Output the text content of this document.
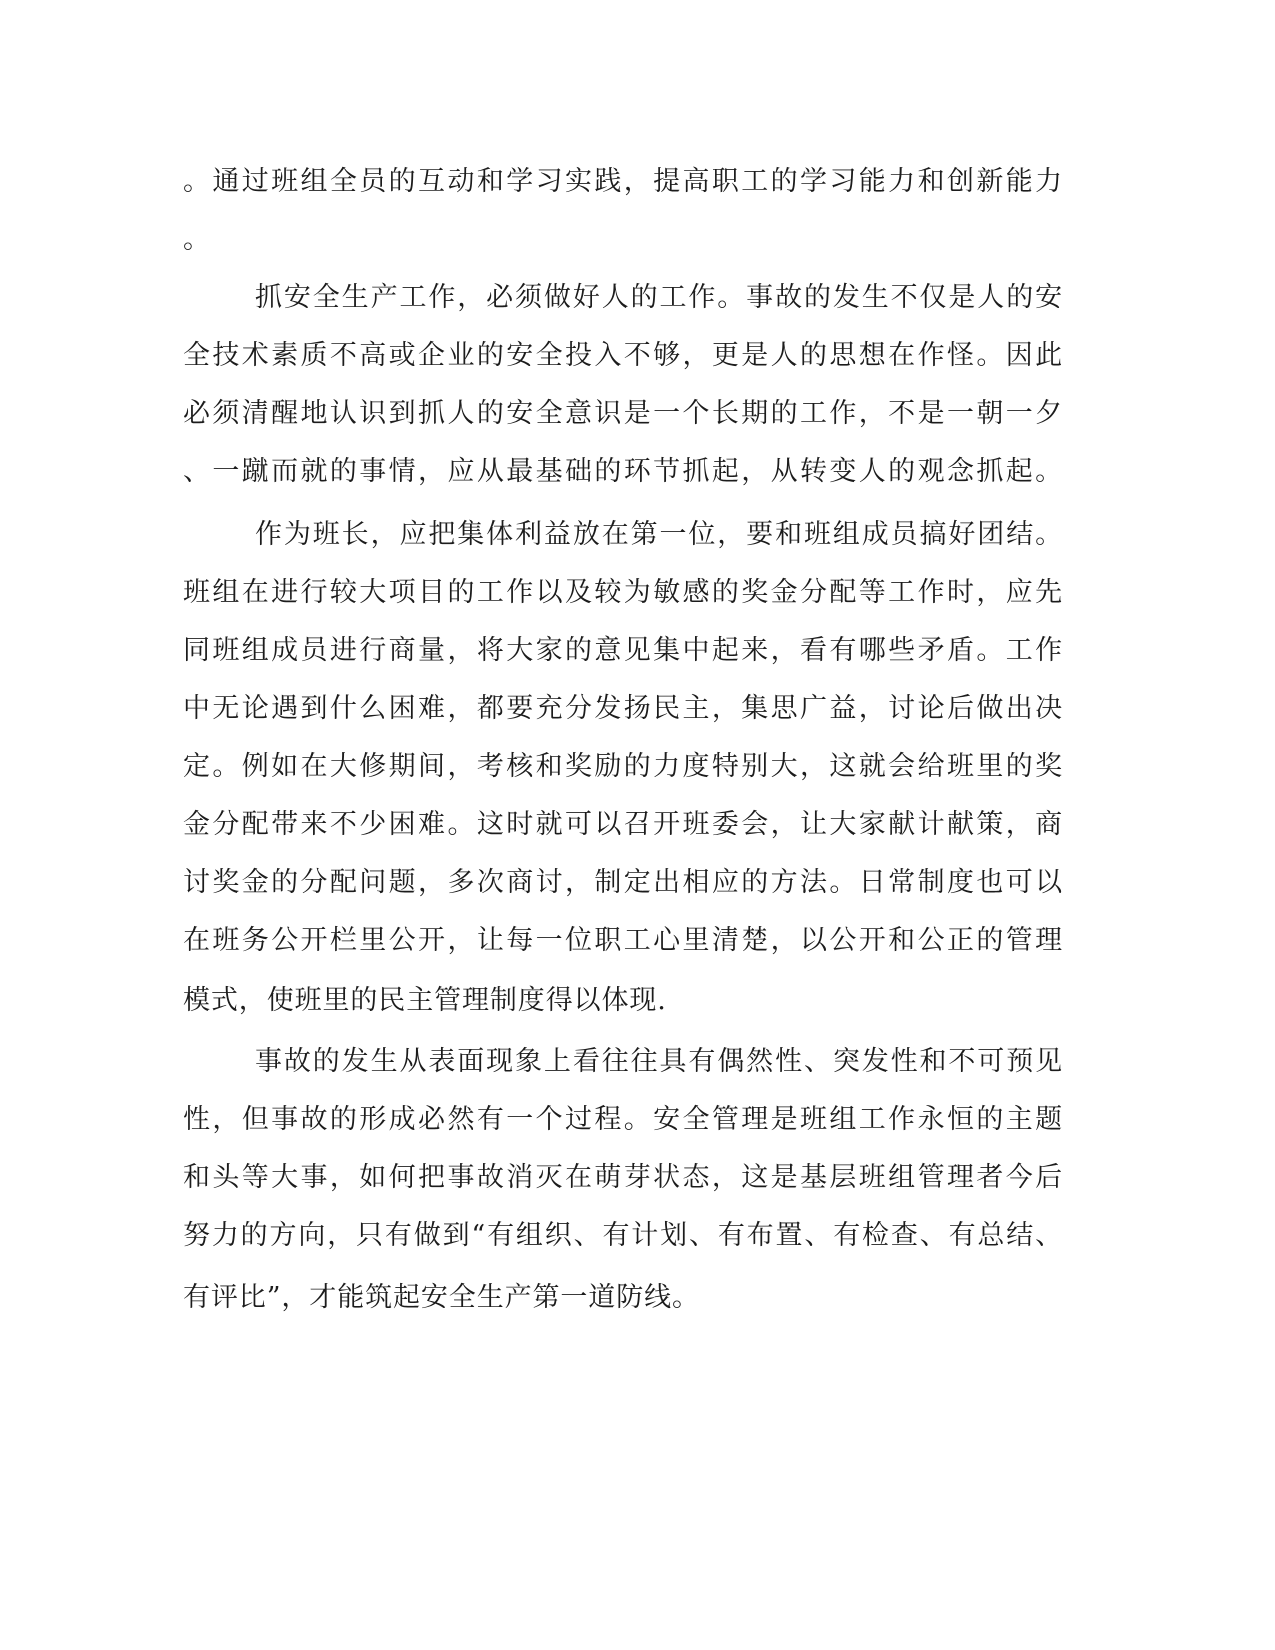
。通过班组全员的互动和学习实践，提高职工的学习能力和创新能力
。
抓安全生产工作，必须做好人的工作。事故的发生不仅是人的安
全技术素质不高或企业的安全投入不够，更是人的思想在作怪。因此
必须清醒地认识到抓人的安全意识是一个长期的工作，不是一朝一夕
、一蹴而就的事情，应从最基础的环节抓起，从转变人的观念抓起。
作为班长，应把集体利益放在第一位，要和班组成员搞好团结。
班组在进行较大项目的工作以及较为敏感的奖金分配等工作时，应先
同班组成员进行商量，将大家的意见集中起来，看有哪些矛盾。工作
中无论遇到什么困难，都要充分发扬民主，集思广益，讨论后做出决
定。例如在大修期间，考核和奖励的力度特别大，这就会给班里的奖
金分配带来不少困难。这时就可以召开班委会，让大家献计献策，商
讨奖金的分配问题，多次商讨，制定出相应的方法。日常制度也可以
在班务公开栏里公开，让每一位职工心里清楚，以公开和公正的管理
模式，使班里的民主管理制度得以体现.
事故的发生从表面现象上看往往具有偶然性、突发性和不可预见
性，但事故的形成必然有一个过程。安全管理是班组工作永恒的主题
和头等大事，如何把事故消灭在萌芽状态，这是基层班组管理者今后
努力的方向，只有做到“有组织、有计划、有布置、有检查、有总结、
有评比”，才能筑起安全生产第一道防线。
